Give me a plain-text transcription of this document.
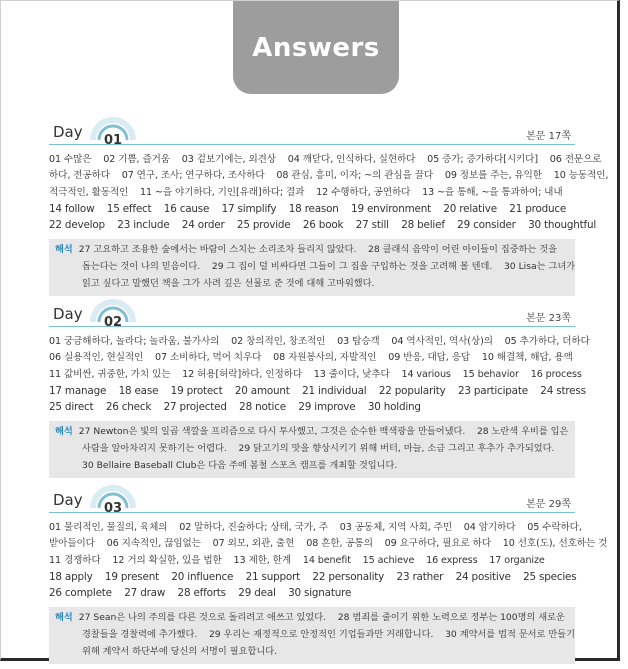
Answers
Day 01	본문 17쪽
01 수많은    02 기쁨, 즐거움    03 겉보기에는, 외견상    04 깨닫다, 인식하다, 실현하다    05 증가; 증가하다[시키다]    06 전문으로
하다, 전공하다    07 연구, 조사; 연구하다, 조사하다    08 관심, 흥미, 이자; ~의 관심을 끌다    09 정보를 주는, 유익한    10 능동적인,
적극적인, 활동적인    11 ~을 야기하다, 기인[유래]하다; 결과    12 수행하다, 공연하다    13 ~을 통해, ~을 통과하여; 내내
14 follow    15 effect    16 cause    17 simplify    18 reason    19 environment    20 relative    21 produce
22 develop    23 include    24 order    25 provide    26 book    27 still    28 belief    29 consider    30 thoughtful
해석 27 고요하고 조용한 숲에서는 바람이 스치는 소리조차 들리지 않았다.    28 클래식 음악이 어린 아이들이 집중하는 것을
돕는다는 것이 나의 믿음이다.    29 그 집이 덜 비싸다면 그들이 그 집을 구입하는 것을 고려해 볼 텐데.    30 Lisa는 그녀가
읽고 싶다고 말했던 책을 그가 사려 깊은 선물로 준 것에 대해 고마워했다.
Day 02	본문 23쪽
01 궁금해하다, 놀라다; 놀라움, 불가사의    02 창의적인, 창조적인    03 탑승객    04 역사적인, 역사(상)의    05 추가하다, 더하다
06 실용적인, 현실적인    07 소비하다, 먹어 치우다    08 자원봉사의, 자발적인    09 반응, 대답, 응답    10 해결책, 해답, 용액
11 값비싼, 귀중한, 가치 있는    12 허용[허락]하다, 인정하다    13 줄이다, 낮추다    14 various    15 behavior    16 process
17 manage    18 ease    19 protect    20 amount    21 individual    22 popularity    23 participate    24 stress
25 direct    26 check    27 projected    28 notice    29 improve    30 holding
해석 27 Newton은 빛의 일곱 색깔을 프리즘으로 다시 투사했고, 그것은 순수한 백색광을 만들어냈다.    28 노란색 우비를 입은
사람을 알아차리지 못하기는 어렵다.    29 닭고기의 맛을 향상시키기 위해 버터, 마늘, 소금 그리고 후추가 추가되었다.
30 Bellaire Baseball Club은 다음 주에 봄철 스포츠 캠프를 개최할 것입니다.
Day 03	본문 29쪽
01 물리적인, 물질의, 육체의    02 말하다, 진술하다; 상태, 국가, 주    03 공동체, 지역 사회, 주민    04 암기하다    05 수락하다,
받아들이다    06 지속적인, 끊임없는    07 외모, 외관, 출현    08 흔한, 공통의    09 요구하다, 필요로 하다    10 선호(도), 선호하는 것
11 경쟁하다    12 거의 확실한, 있을 법한    13 제한, 한계    14 benefit    15 achieve    16 express    17 organize
18 apply    19 present    20 influence    21 support    22 personality    23 rather    24 positive    25 species
26 complete    27 draw    28 efforts    29 deal    30 signature
해석 27 Sean은 나의 주의를 다른 것으로 돌리려고 애쓰고 있었다.    28 범죄를 줄이기 위한 노력으로 정부는 100명의 새로운
경찰들을 경찰력에 추가했다.    29 우리는 재정적으로 안정적인 기업들과만 거래합니다.    30 계약서를 법적 문서로 만들기
위해 계약서 하단부에 당신의 서명이 필요합니다.
